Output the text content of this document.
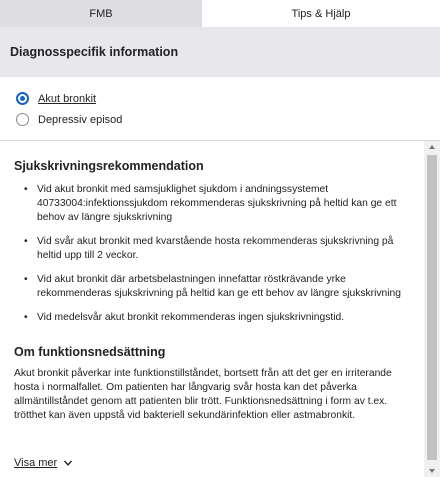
FMB	Tips & Hjälp
Diagnosspecifik information
Akut bronkit
Depressiv episod
Sjukskrivningsrekommendation
• Vid akut bronkit med samsjuklighet sjukdom i andningssystemet 40733004:infektionssjukdom rekommenderas sjukskrivning på heltid kan ge ett behov av längre sjukskrivning
• Vid svår akut bronkit med kvarstående hosta rekommenderas sjukskrivning på heltid upp till 2 veckor.
• Vid akut bronkit där arbetsbelastningen innefattar röstkrävande yrke rekommenderas sjukskrivning på heltid kan ge ett behov av längre sjukskrivning
• Vid medelsvår akut bronkit rekommenderas ingen sjukskrivningstid.
Om funktionsnedsättning
Akut bronkit påverkar inte funktionstillståndet, bortsett från att det ger en irriterande hosta i normalfallet. Om patienten har långvarig svår hosta kan det påverka allmäntillståndet genom att patienten blir trött. Funktionsnedsättning i form av t.ex. trötthet kan även uppstå vid bakteriell sekundärinfektion eller astmabronkit.
Visa mer
